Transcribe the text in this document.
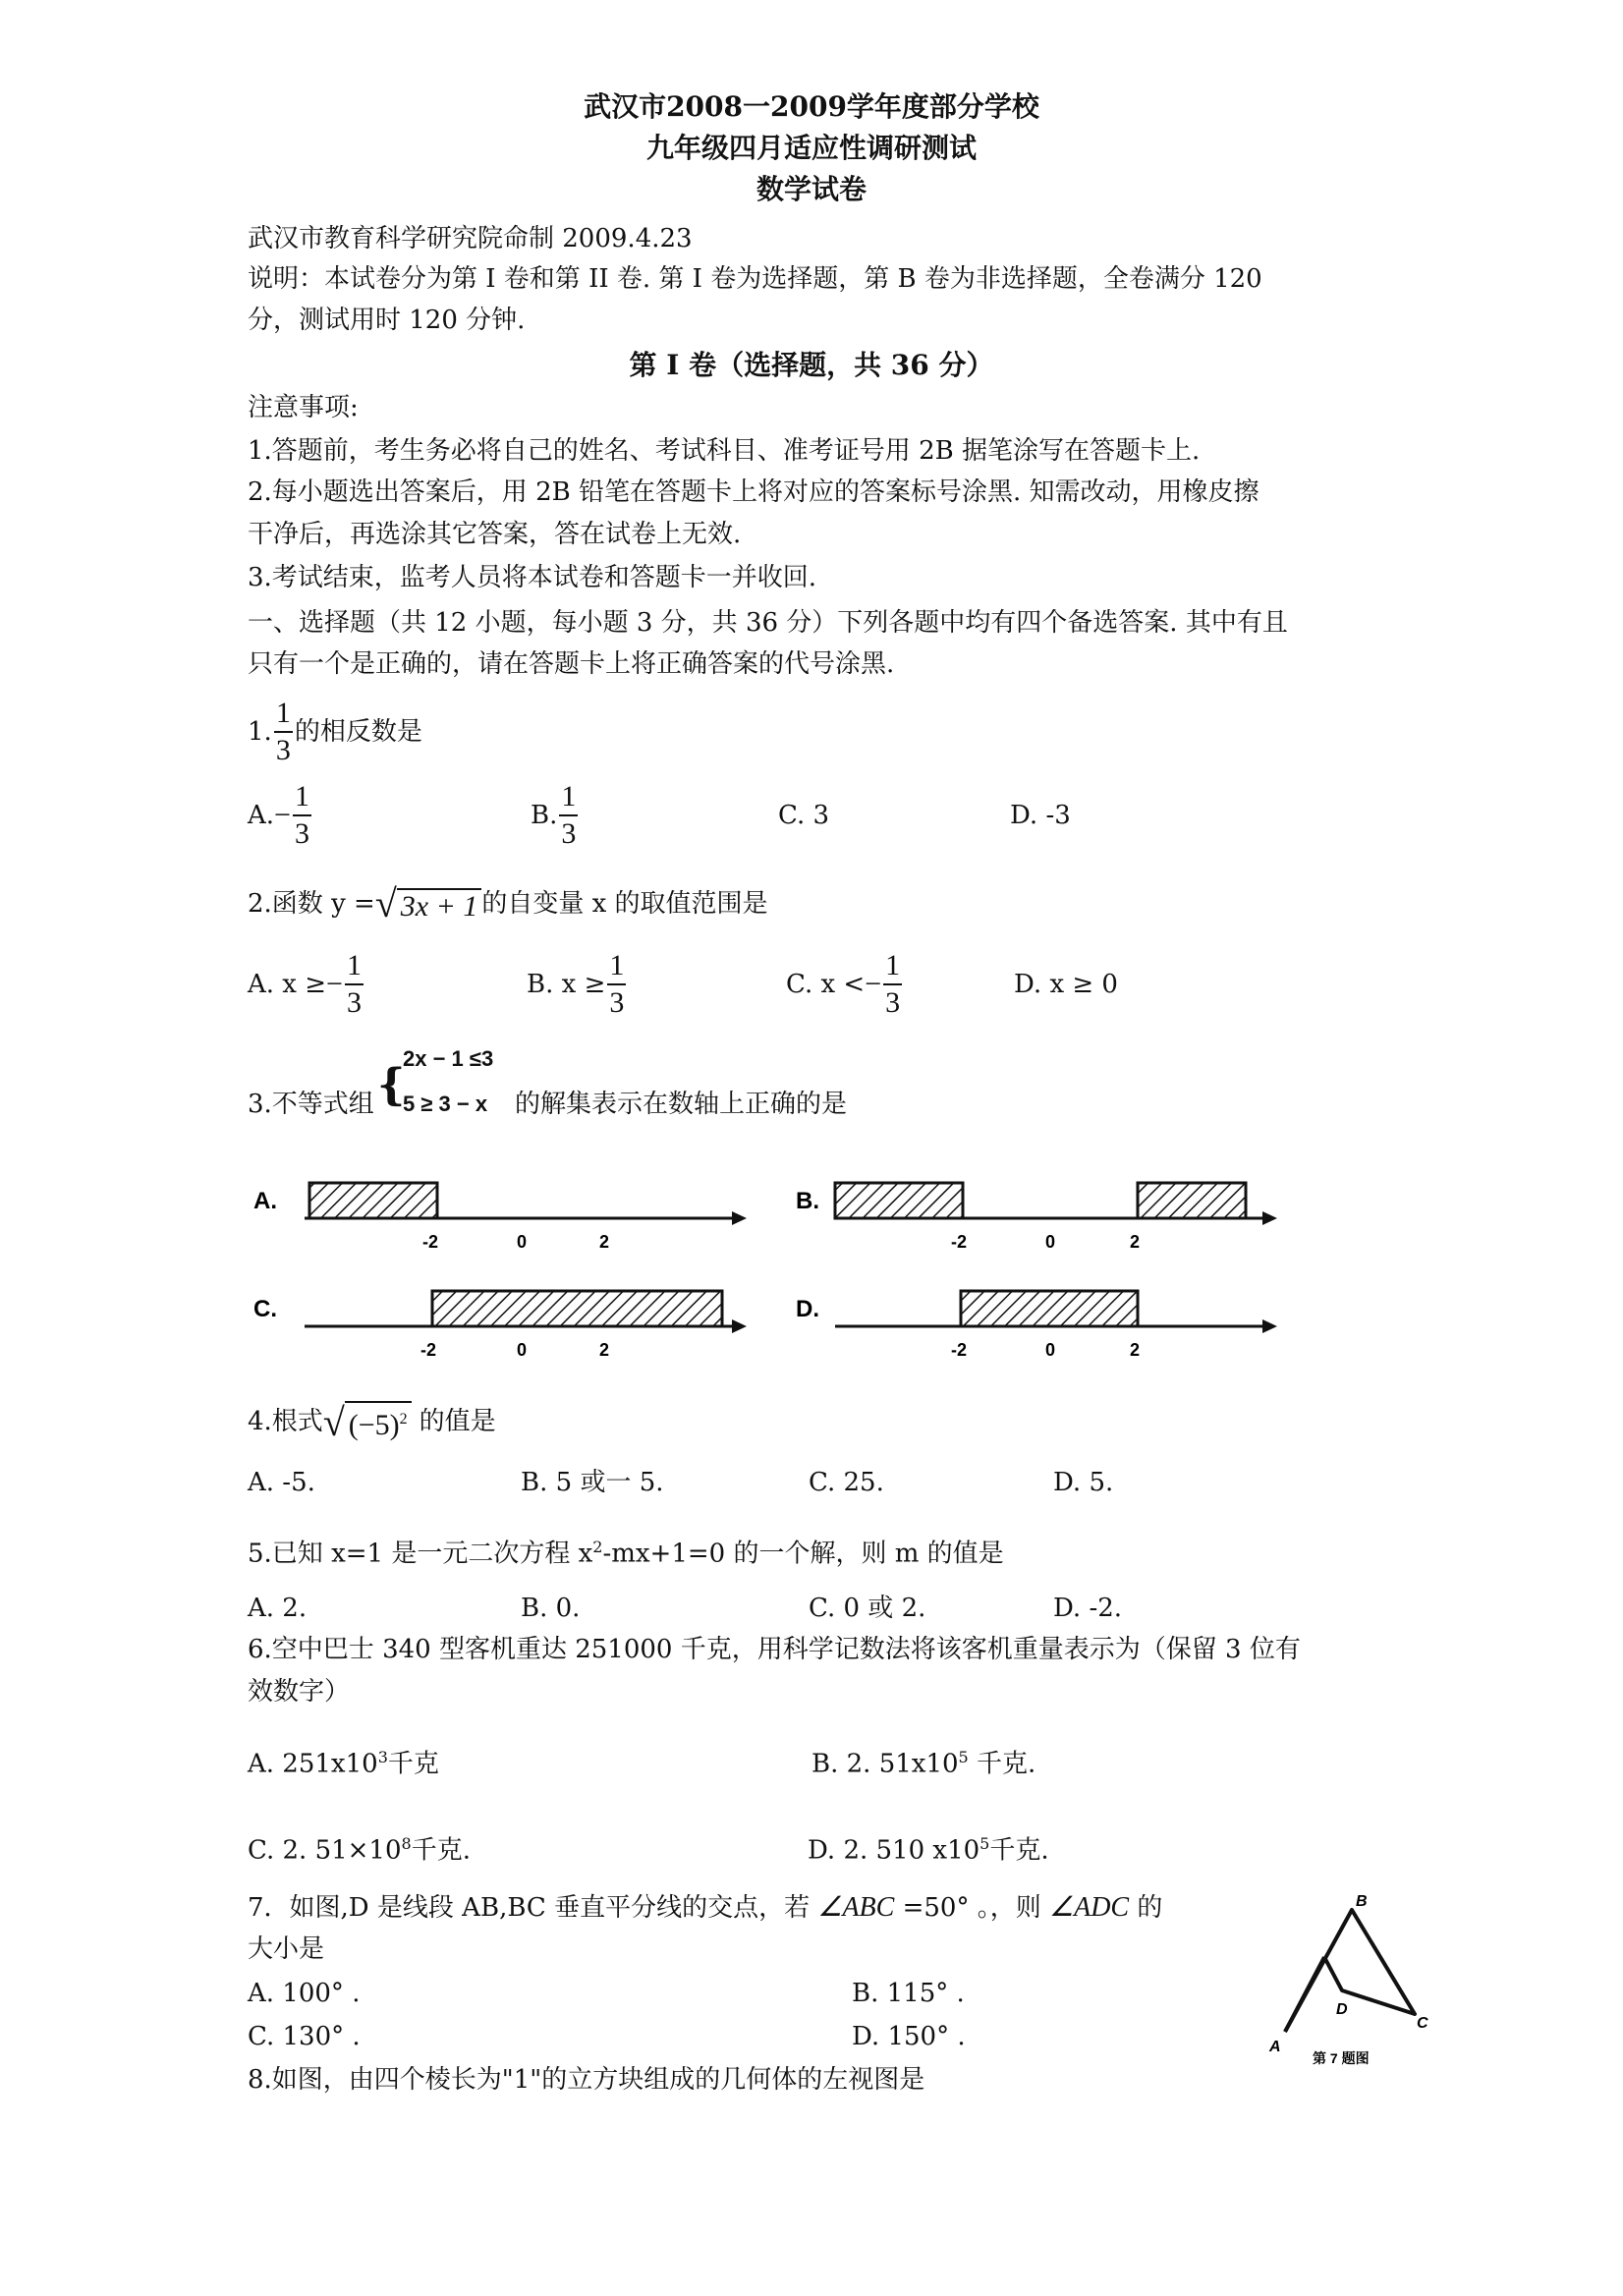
武汉市2008一2009学年度部分学校
九年级四月适应性调研测试
数学试卷
武汉市教育科学研究院命制 2009.4.23
说明：本试卷分为第 I 卷和第 II 卷. 第 I 卷为选择题，第 B 卷为非选择题，全卷满分 120
分，测试用时 120 分钟.
第 I 卷（选择题，共 36 分）
注意事项:
1.答题前，考生务必将自己的姓名、考试科目、准考证号用 2B 据笔涂写在答题卡上.
2.每小题选出答案后，用 2B 铅笔在答题卡上将对应的答案标号涂黑. 知需改动，用橡皮擦
干净后，再选涂其它答案，答在试卷上无效.
3.考试结束，监考人员将本试卷和答题卡一并收回.
一、选择题（共 12 小题，每小题 3 分，共 36 分）下列各题中均有四个备选答案. 其中有且
只有一个是正确的，请在答题卡上将正确答案的代号涂黑.
1. $\frac{1}{3}$ 的相反数是
A. − $\frac{1}{3}$	B. $\frac{1}{3}$	C. 3	D. -3
2.函数 y = √ 3x + 1 的自变量 x 的取值范围是
A. x ≥ − $\frac{1}{3}$	B. $x \ge \frac{1}{3}$	C. x < − $\frac{1}{3}$	D. x ≥ 0
3.不等式组 {
2x − 1 ≤3
5 ≥ 3 − x 的解集表示在数轴上正确的是
A.
-2	0	2
B.
-2	0	2
C.
-2	0	2
D.
-2	0	2
4.根式 √ $(-5)^2$ 的值是
A. -5.	B. 5 或一 5.	C. 25.	D. 5.
5.已知 x=1 是一元二次方程 $x^2-mx+1=0$ 的一个解，则 m 的值是
A. 2.	B. 0.	C. 0 或 2.	D. -2.
6.空中巴士 340 型客机重达 251000 千克，用科学记数法将该客机重量表示为（保留 3 位有
效数字）
A. $251x10^3$千克	B. 2. $51x10^5$ 千克.
C. 2. $51\times 10^8$千克.	D. 2. 510 $x10^5$千克.
7．如图,D 是线段 AB,BC 垂直平分线的交点，若 ∠ABC =50° 。，则 ∠ADC 的
大小是
A. 100° .	B. 115° .
C. 130° .	D. 150° .
B
D
C
A
第 7 题图
8.如图，由四个棱长为"1"的立方块组成的几何体的左视图是
